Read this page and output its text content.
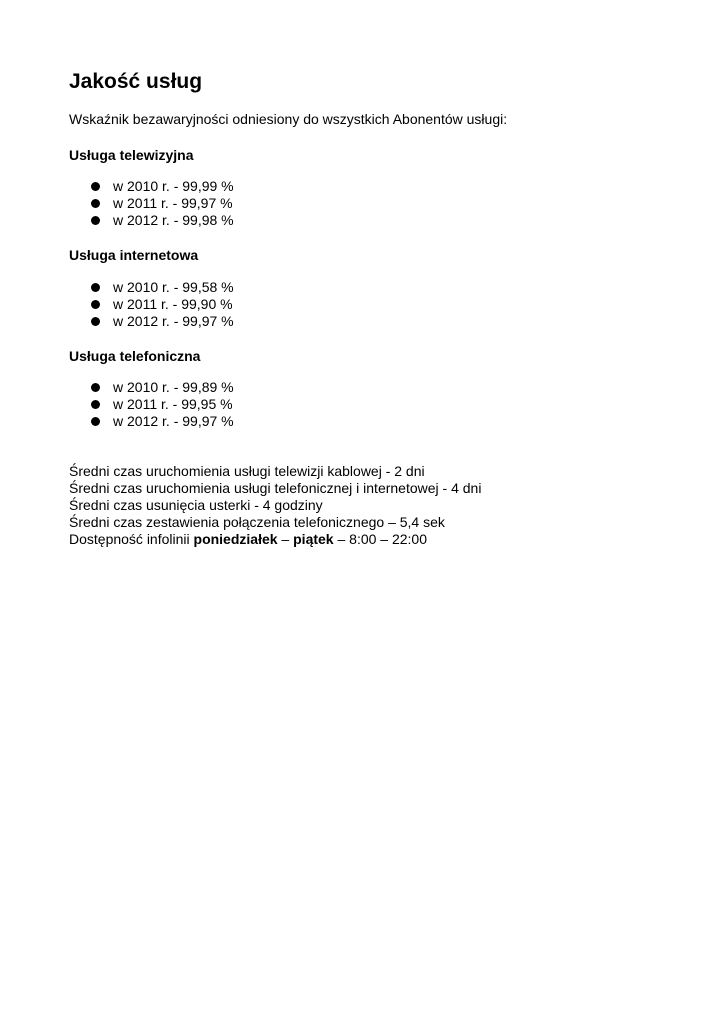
Jakość usług

Wskaźnik bezawaryjności odniesiony do wszystkich Abonentów usługi:

Usługa telewizyjna
w 2010 r. - 99,99 %
w 2011 r. - 99,97 %
w 2012 r. - 99,98 %
Usługa internetowa
w 2010 r. - 99,58 %
w 2011 r. - 99,90 %
w 2012 r. - 99,97 %
Usługa telefoniczna
w 2010 r. - 99,89 %
w 2011 r. - 99,95 %
w 2012 r. - 99,97 %
Średni czas uruchomienia usługi telewizji kablowej - 2 dni
Średni czas uruchomienia usługi telefonicznej i internetowej - 4 dni
Średni czas usunięcia usterki - 4 godziny
Średni czas zestawienia połączenia telefonicznego – 5,4 sek
Dostępność infolinii poniedziałek – piątek – 8:00 – 22:00
